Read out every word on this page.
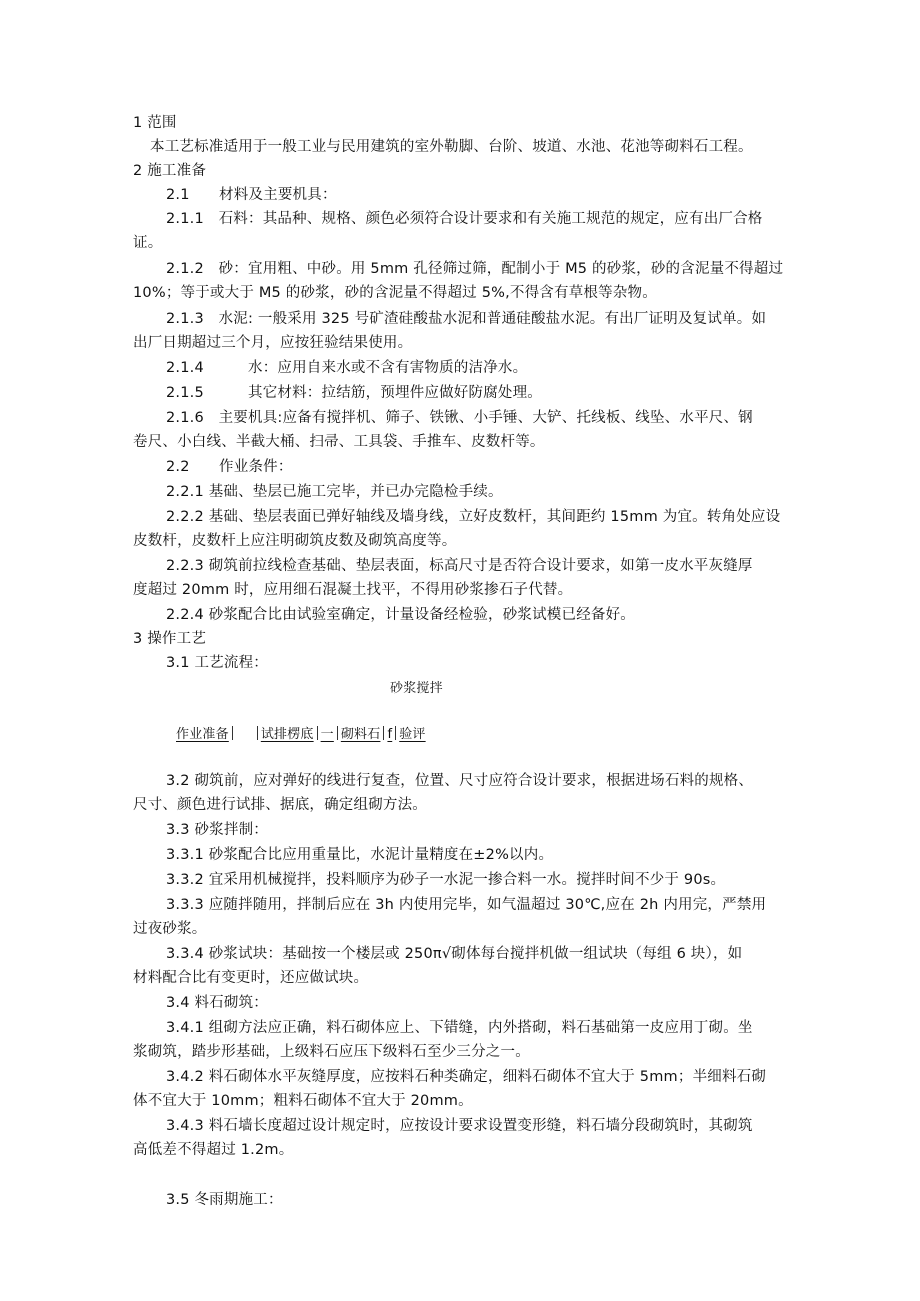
1 范围
本工艺标准适用于一般工业与民用建筑的室外勒脚、台阶、坡道、水池、花池等砌料石工程。
2 施工准备
2.1　　材料及主要机具：
2.1.1　石料：其品种、规格、颜色必须符合设计要求和有关施工规范的规定，应有出厂合格
证。
2.1.2　砂：宜用粗、中砂。用 5mm 孔径筛过筛，配制小于 M5 的砂浆，砂的含泥量不得超过
10%；等于或大于 M5 的砂浆，砂的含泥量不得超过 5%,不得含有草根等杂物。
2.1.3　水泥: 一般采用 325 号矿渣硅酸盐水泥和普通硅酸盐水泥。有出厂证明及复试单。如
出厂日期超过三个月，应按狂验结果使用。
2.1.4　　　水：应用自来水或不含有害物质的洁净水。
2.1.5　　　其它材料：拉结筋，预埋件应做好防腐处理。
2.1.6　主要机具:应备有搅拌机、筛子、铁锹、小手锤、大铲、托线板、线坠、水平尺、钢
卷尺、小白线、半截大桶、扫帚、工具袋、手推车、皮数杆等。
2.2　　作业条件：
2.2.1 基础、垫层已施工完毕，并已办完隐检手续。
2.2.2 基础、垫层表面已弹好轴线及墙身线，立好皮数杆，其间距约 15mm 为宜。转角处应设
皮数杆，皮数杆上应注明砌筑皮数及砌筑高度等。
2.2.3 砌筑前拉线检查基础、垫层表面，标高尺寸是否符合设计要求，如第一皮水平灰缝厚
度超过 20mm 时，应用细石混凝土找平，不得用砂浆掺石子代替。
2.2.4 砂浆配合比由试验室确定，计量设备经检验，砂浆试模已经备好。
3 操作工艺
3.1 工艺流程：
砂浆搅拌
作业准备 试排楞底 一 砌料石 f 验评
3.2 砌筑前，应对弹好的线进行复查，位置、尺寸应符合设计要求，根据进场石料的规格、
尺寸、颜色进行试排、据底，确定组砌方法。
3.3 砂浆拌制：
3.3.1 砂浆配合比应用重量比，水泥计量精度在±2%以内。
3.3.2 宜采用机械搅拌，投料顺序为砂子一水泥一掺合料一水。搅拌时间不少于 90s。
3.3.3 应随拌随用，拌制后应在 3h 内使用完毕，如气温超过 30℃,应在 2h 内用完，严禁用
过夜砂浆。
3.3.4 砂浆试块：基础按一个楼层或 250π√砌体每台搅拌机做一组试块（每组 6 块），如
材料配合比有变更时，还应做试块。
3.4 料石砌筑：
3.4.1 组砌方法应正确，料石砌体应上、下错缝，内外搭砌，料石基础第一皮应用丁砌。坐
浆砌筑，踏步形基础，上级料石应压下级料石至少三分之一。
3.4.2 料石砌体水平灰缝厚度，应按料石种类确定，细料石砌体不宜大于 5mm；半细料石砌
体不宜大于 10mm；粗料石砌体不宜大于 20mm。
3.4.3 料石墙长度超过设计规定时，应按设计要求设置变形缝，料石墙分段砌筑时，其砌筑
高低差不得超过 1.2m。
3.5 冬雨期施工：
